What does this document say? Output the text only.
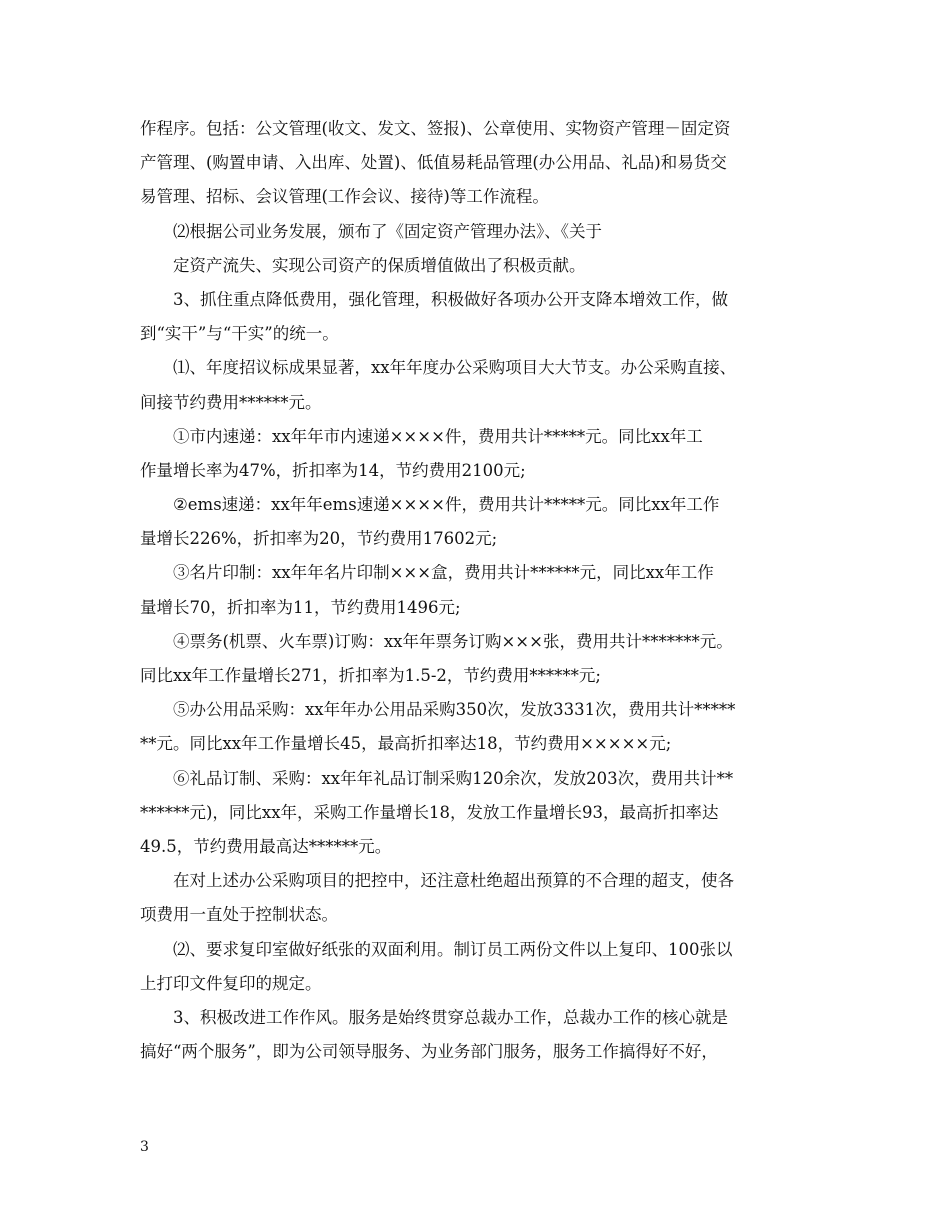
作程序。包括：公文管理(收文、发文、签报)、公章使用、实物资产管理－固定资
产管理、(购置申请、入出库、处置)、低值易耗品管理(办公用品、礼品)和易货交
易管理、招标、会议管理(工作会议、接待)等工作流程。
⑵根据公司业务发展，颁布了《固定资产管理办法》、《关于
定资产流失、实现公司资产的保质增值做出了积极贡献。
3、抓住重点降低费用，强化管理，积极做好各项办公开支降本增效工作，做
到“实干”与“干实”的统一。
⑴、年度招议标成果显著，xx年年度办公采购项目大大节支。办公采购直接、
间接节约费用******元。
①市内速递：xx年年市内速递××××件，费用共计*****元。同比xx年工
作量增长率为47%，折扣率为14，节约费用2100元;
②ems速递：xx年年ems速递××××件，费用共计*****元。同比xx年工作
量增长226%，折扣率为20，节约费用17602元;
③名片印制：xx年年名片印制×××盒，费用共计******元，同比xx年工作
量增长70，折扣率为11，节约费用1496元;
④票务(机票、火车票)订购：xx年年票务订购×××张，费用共计*******元。
同比xx年工作量增长271，折扣率为1.5-2，节约费用******元;
⑤办公用品采购：xx年年办公用品采购350次，发放3331次，费用共计*****
**元。同比xx年工作量增长45，最高折扣率达18，节约费用×××××元;
⑥礼品订制、采购：xx年年礼品订制采购120余次，发放203次，费用共计**
******元)，同比xx年，采购工作量增长18，发放工作量增长93，最高折扣率达
49.5，节约费用最高达******元。
在对上述办公采购项目的把控中，还注意杜绝超出预算的不合理的超支，使各
项费用一直处于控制状态。
⑵、要求复印室做好纸张的双面利用。制订员工两份文件以上复印、100张以
上打印文件复印的规定。
3、积极改进工作作风。服务是始终贯穿总裁办工作，总裁办工作的核心就是
搞好“两个服务”，即为公司领导服务、为业务部门服务，服务工作搞得好不好，
3
